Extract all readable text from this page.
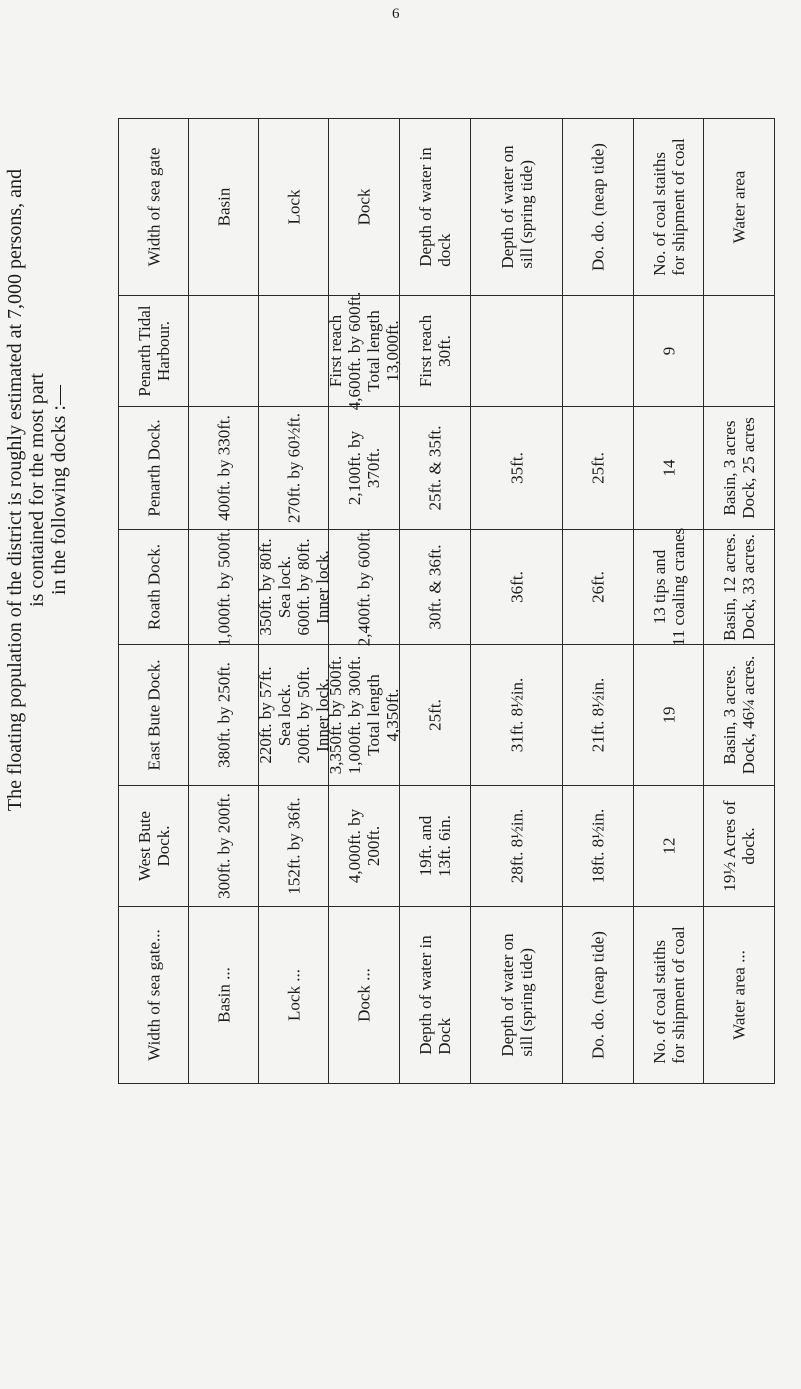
6
The floating population of the district is roughly estimated at 7,000 persons, and is contained for the most part in the following docks :—
Width of sea gate	Basin	Lock	Dock	Depth of water in dock	Depth of water on sill (spring tide)	Do. do. (neap tide)	No. of coal staiths for shipment of coal	Water area

Penarth Tidal Harbour.			First reach 4,600ft. by 600ft. Total length 13,000ft.	First reach 30ft.			9	

Penarth Dock.	400ft. by 330ft.	270ft. by 60½ft.	2,100ft. by 370ft.	25ft. & 35ft.	35ft.	25ft.	14	Basin, 3 acres Dock, 25 acres

Roath Dock.	1,000ft. by 500ft.	350ft. by 80ft. Sea lock. 600ft. by 80ft. Inner lock.	2,400ft. by 600ft.	30ft. & 36ft.	36ft.	26ft.	13 tips and 11 coaling cranes	Basin, 12 acres. Dock, 33 acres.

East Bute Dock.	380ft. by 250ft.	220ft. by 57ft. Sea lock. 200ft. by 50ft. Inner lock.	3,350ft. by 500ft. 1,000ft. by 300ft. Total length 4,350ft.	25ft.	31ft. 8½in.	21ft. 8½in.	19	Basin, 3 acres. Dock, 46¼ acres.

West Bute Dock.	300ft. by 200ft.	152ft. by 36ft.	4,000ft. by 200ft.	19ft. and 13ft. 6in.	28ft. 8½in.	18ft. 8½in.	12	19½ Acres of dock.

Width of sea gate...	Basin ...	Lock ...	Dock ...	Depth of water in Dock	Depth of water on sill (spring tide)	Do. do. (neap tide)	No. of coal staiths for shipment of coal	Water area ...
